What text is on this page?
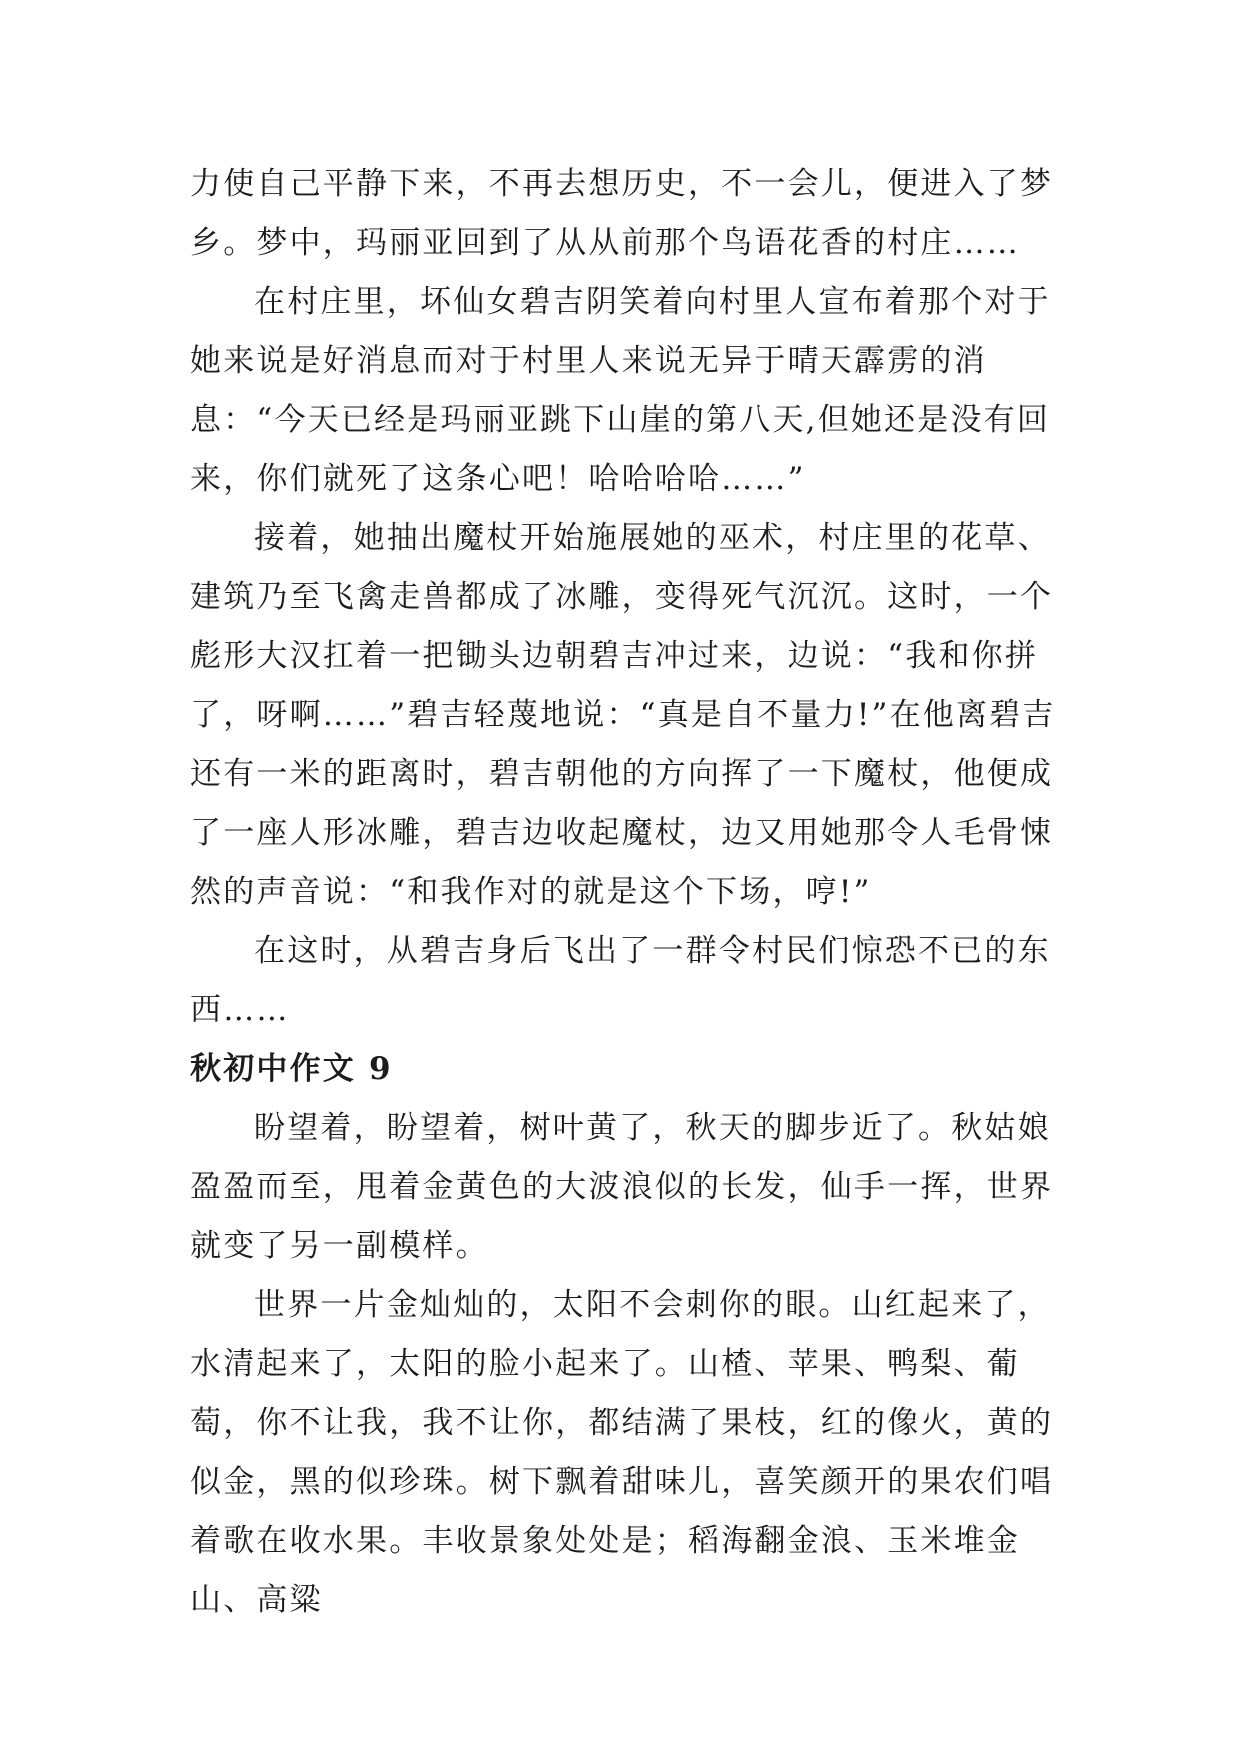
力使自己平静下来，不再去想历史，不一会儿，便进入了梦乡。梦中，玛丽亚回到了从从前那个鸟语花香的村庄……

在村庄里，坏仙女碧吉阴笑着向村里人宣布着那个对于她来说是好消息而对于村里人来说无异于晴天霹雳的消息：“今天已经是玛丽亚跳下山崖的第八天,但她还是没有回来，你们就死了这条心吧！哈哈哈哈……”

接着，她抽出魔杖开始施展她的巫术，村庄里的花草、建筑乃至飞禽走兽都成了冰雕，变得死气沉沉。这时，一个彪形大汉扛着一把锄头边朝碧吉冲过来，边说：“我和你拼了，呀啊……”碧吉轻蔑地说：“真是自不量力!”在他离碧吉还有一米的距离时，碧吉朝他的方向挥了一下魔杖，他便成了一座人形冰雕，碧吉边收起魔杖，边又用她那令人毛骨悚然的声音说：“和我作对的就是这个下场，哼!”

在这时，从碧吉身后飞出了一群令村民们惊恐不已的东西……

秋初中作文 9

盼望着，盼望着，树叶黄了，秋天的脚步近了。秋姑娘盈盈而至，甩着金黄色的大波浪似的长发，仙手一挥，世界就变了另一副模样。

世界一片金灿灿的，太阳不会刺你的眼。山红起来了，水清起来了，太阳的脸小起来了。山楂、苹果、鸭梨、葡萄，你不让我，我不让你，都结满了果枝，红的像火，黄的似金，黑的似珍珠。树下飘着甜味儿，喜笑颜开的果农们唱着歌在收水果。丰收景象处处是；稻海翻金浪、玉米堆金山、高粱
